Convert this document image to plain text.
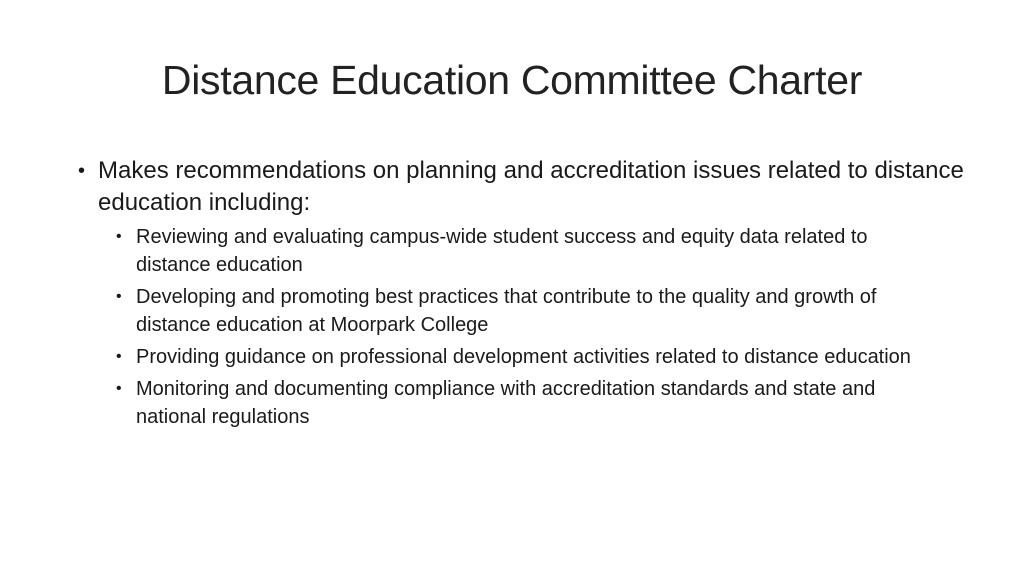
Distance Education Committee Charter
• Makes recommendations on planning and accreditation issues related to distance education including:
• Reviewing and evaluating campus-wide student success and equity data related to distance education
• Developing and promoting best practices that contribute to the quality and growth of distance education at Moorpark College
• Providing guidance on professional development activities related to distance education
• Monitoring and documenting compliance with accreditation standards and state and national regulations
